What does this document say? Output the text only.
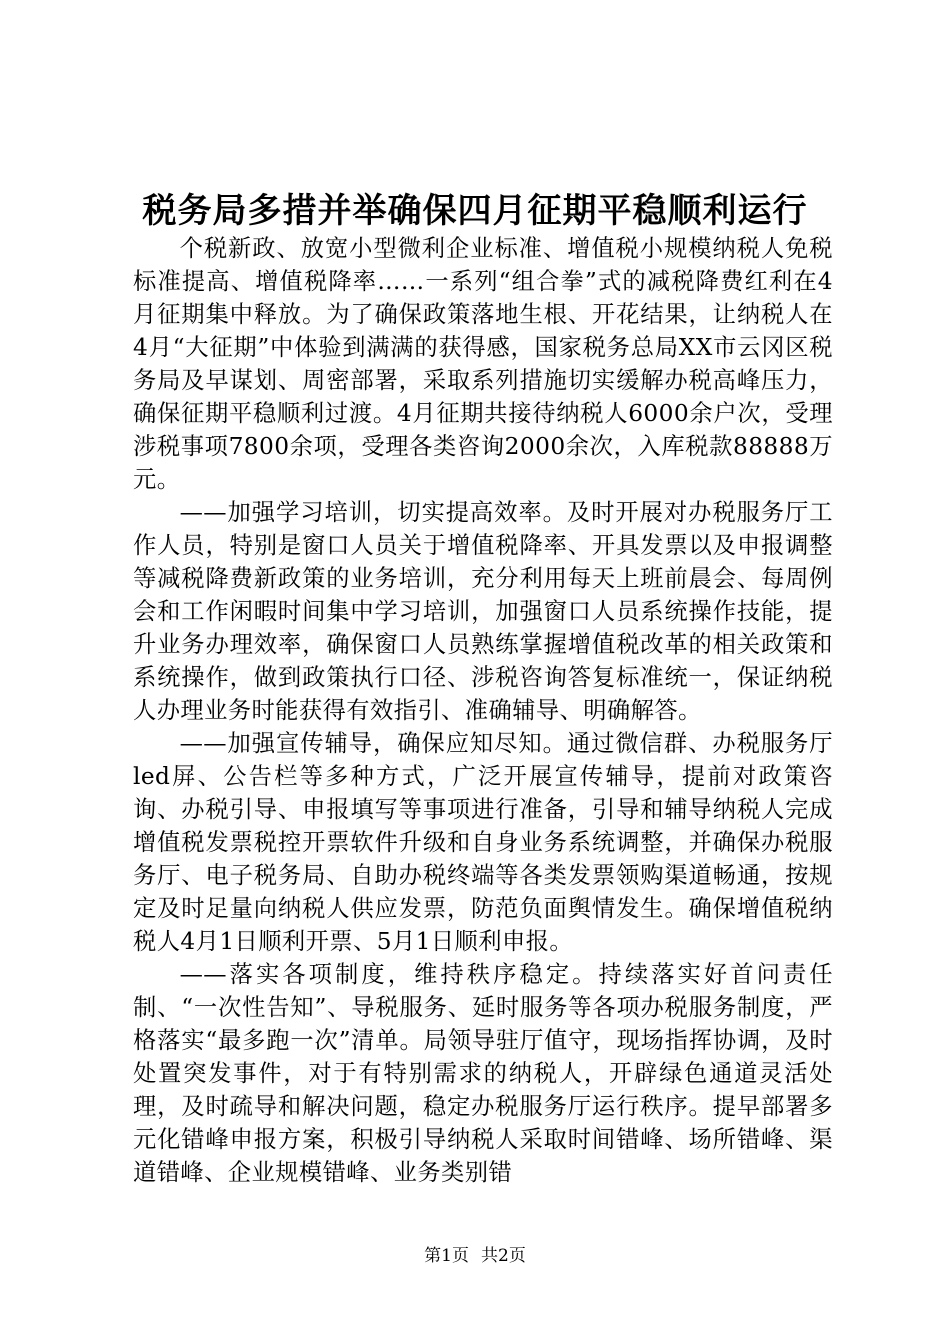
税务局多措并举确保四月征期平稳顺利运行

个税新政、放宽小型微利企业标准、增值税小规模纳税人免税标准提高、增值税降率……一系列“组合拳”式的减税降费红利在4月征期集中释放。为了确保政策落地生根、开花结果，让纳税人在4月“大征期”中体验到满满的获得感，国家税务总局XX市云冈区税务局及早谋划、周密部署，采取系列措施切实缓解办税高峰压力，确保征期平稳顺利过渡。4月征期共接待纳税人6000余户次，受理涉税事项7800余项，受理各类咨询2000余次，入库税款88888万元。

——加强学习培训，切实提高效率。及时开展对办税服务厅工作人员，特别是窗口人员关于增值税降率、开具发票以及申报调整等减税降费新政策的业务培训，充分利用每天上班前晨会、每周例会和工作闲暇时间集中学习培训，加强窗口人员系统操作技能，提升业务办理效率，确保窗口人员熟练掌握增值税改革的相关政策和系统操作，做到政策执行口径、涉税咨询答复标准统一，保证纳税人办理业务时能获得有效指引、准确辅导、明确解答。

——加强宣传辅导，确保应知尽知。通过微信群、办税服务厅led屏、公告栏等多种方式，广泛开展宣传辅导，提前对政策咨询、办税引导、申报填写等事项进行准备，引导和辅导纳税人完成增值税发票税控开票软件升级和自身业务系统调整，并确保办税服务厅、电子税务局、自助办税终端等各类发票领购渠道畅通，按规定及时足量向纳税人供应发票，防范负面舆情发生。确保增值税纳税人4月1日顺利开票、5月1日顺利申报。

——落实各项制度，维持秩序稳定。持续落实好首问责任制、“一次性告知”、导税服务、延时服务等各项办税服务制度，严格落实“最多跑一次”清单。局领导驻厅值守，现场指挥协调，及时处置突发事件，对于有特别需求的纳税人，开辟绿色通道灵活处理，及时疏导和解决问题，稳定办税服务厅运行秩序。提早部署多元化错峰申报方案，积极引导纳税人采取时间错峰、场所错峰、渠道错峰、企业规模错峰、业务类别错

第1页 共2页
